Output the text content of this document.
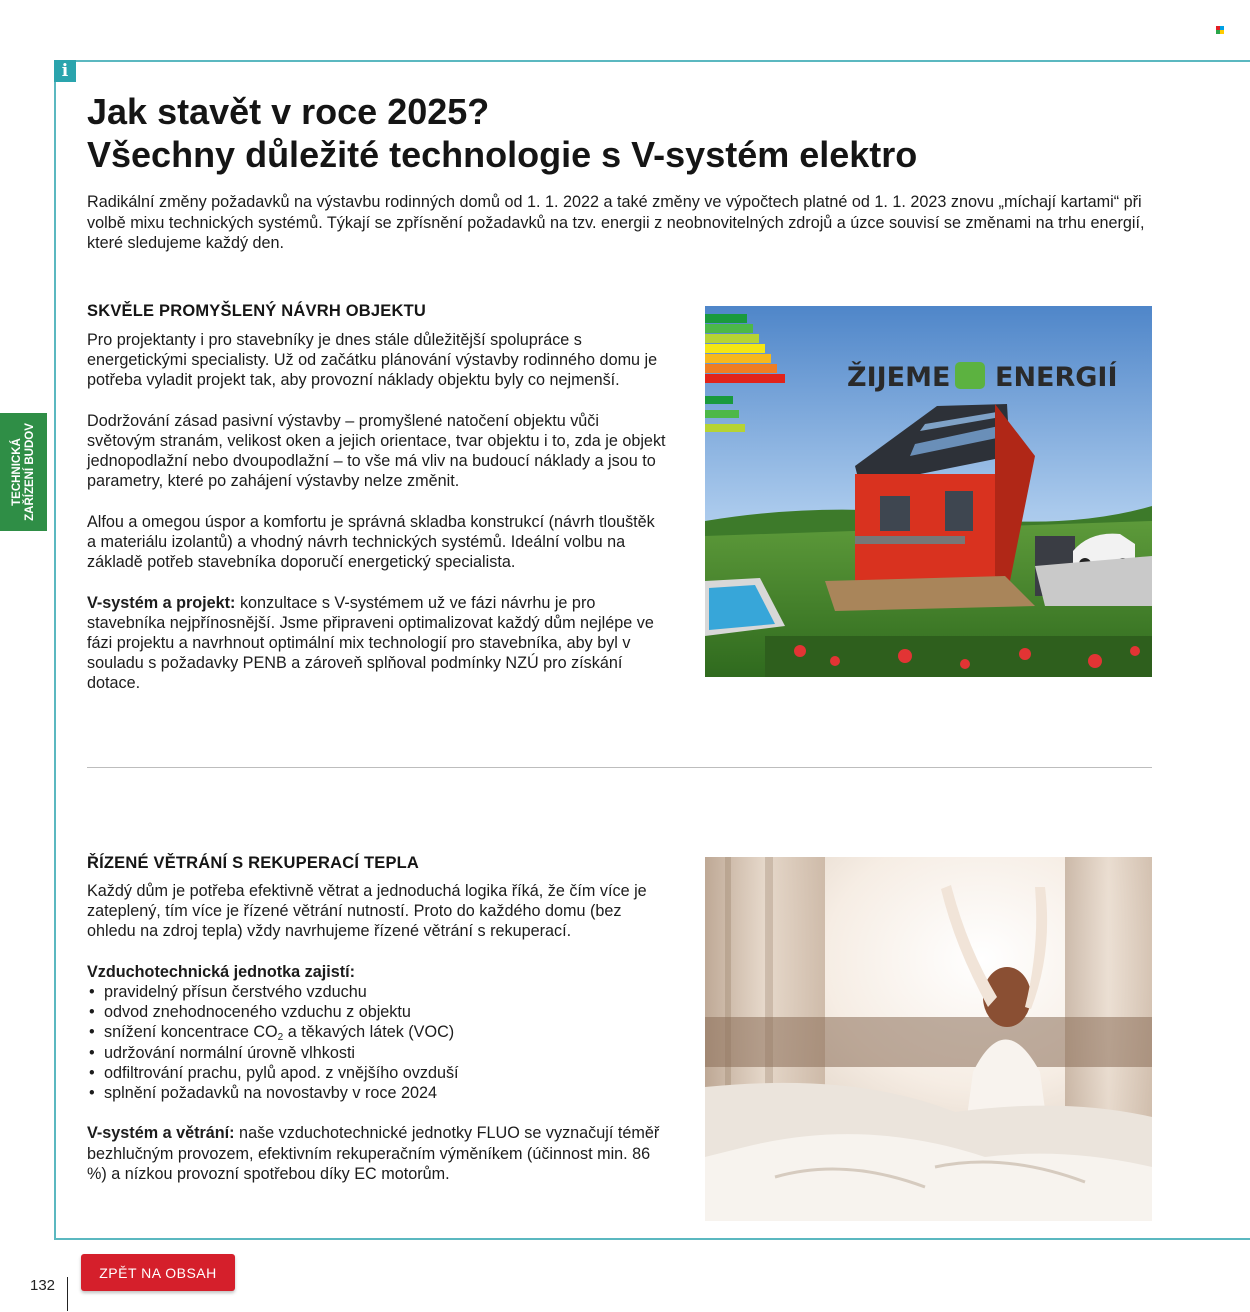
i
TECHNICKÁ ZAŘÍZENÍ BUDOV
Jak stavět v roce 2025?
Všechny důležité technologie s V-systém elektro

Radikální změny požadavků na výstavbu rodinných domů od 1. 1. 2022 a také změny ve výpočtech platné od 1. 1. 2023 znovu „míchají kartami“ při volbě mixu technických systémů. Týkají se zpřísnění požadavků na tzv. energii z neobnovitelných zdrojů a úzce souvisí se změnami na trhu energií, které sledujeme každý den.

SKVĚLE PROMYŠLENÝ NÁVRH OBJEKTU

Pro projektanty i pro stavebníky je dnes stále důležitější spolupráce s energetickými specialisty. Už od začátku plánování výstavby rodinného domu je potřeba vyladit projekt tak, aby provozní náklady objektu byly co nejmenší.

Dodržování zásad pasivní výstavby – promyšlené natočení objektu vůči světovým stranám, velikost oken a jejich orientace, tvar objektu i to, zda je objekt jednopodlažní nebo dvoupodlažní – to vše má vliv na budoucí náklady a jsou to parametry, které po zahájení výstavby nelze změnit.

Alfou a omegou úspor a komfortu je správná skladba konstrukcí (návrh tlouštěk a materiálu izolantů) a vhodný návrh technických systémů. Ideální volbu na základě potřeb stavebníka doporučí energetický specialista.

V-systém a projekt: konzultace s V-systémem už ve fázi návrhu je pro stavebníka nejpřínosnější. Jsme připraveni optimalizovat každý dům nejlépe ve fázi projektu a navrhnout optimální mix technologií pro stavebníka, aby byl v souladu s požadavky PENB a zároveň splňoval podmínky NZÚ pro získání dotace.

ŽIJEME ENERGIÍ
ŘÍZENÉ VĚTRÁNÍ S REKUPERACÍ TEPLA

Každý dům je potřeba efektivně větrat a jednoduchá logika říká, že čím více je zateplený, tím více je řízené větrání nutností. Proto do každého domu (bez ohledu na zdroj tepla) vždy navrhujeme řízené větrání s rekuperací.

Vzduchotechnická jednotka zajistí:
• pravidelný přísun čerstvého vzduchu
• odvod znehodnoceného vzduchu z objektu
• snížení koncentrace $CO_2$ a těkavých látek (VOC)
• udržování normální úrovně vlhkosti
• odfiltrování prachu, pylů apod. z vnějšího ovzduší
• splnění požadavků na novostavby v roce 2024

V-systém a větrání: naše vzduchotechnické jednotky FLUO se vyznačují téměř bezhlučným provozem, efektivním rekuperačním výměníkem (účinnost min. 86 %) a nízkou provozní spotřebou díky EC motorům.

132
ZPĚT NA OBSAH
